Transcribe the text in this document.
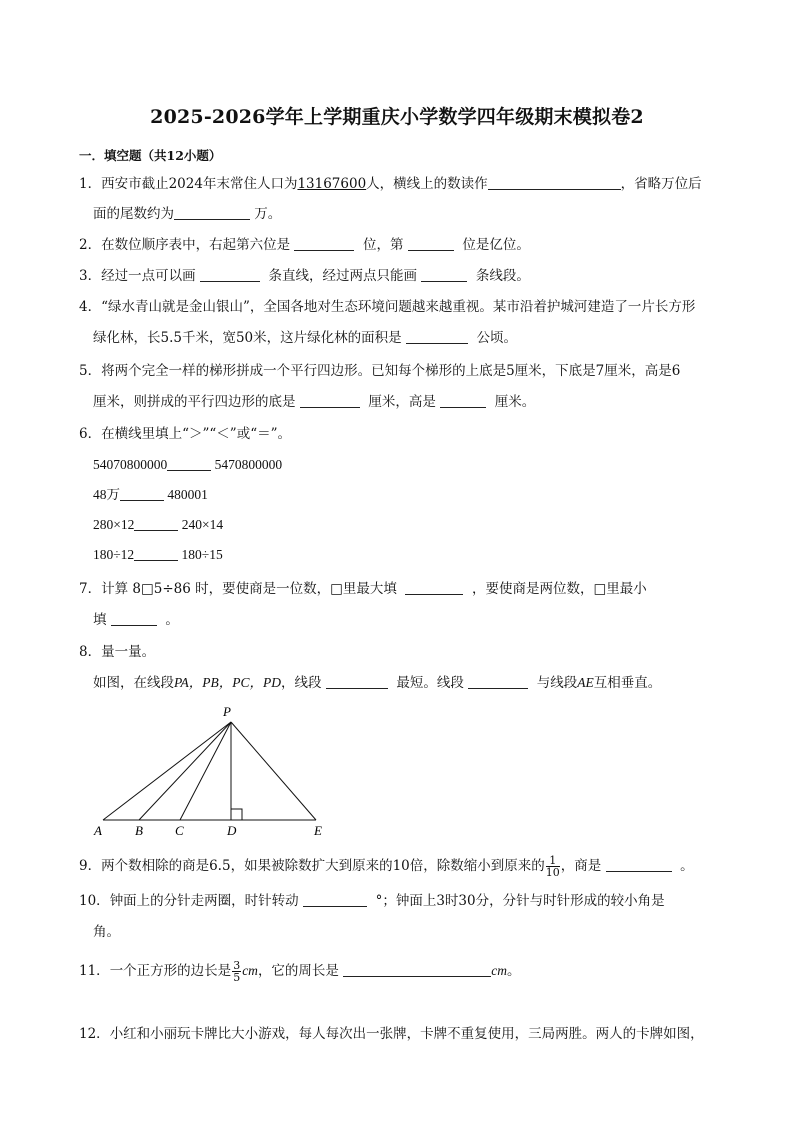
2025-2026学年上学期重庆小学数学四年级期末模拟卷2
一．填空题（共12小题）
1．西安市截止2024年末常住人口为13167600人，横线上的数读作	，省略万位后
面的尾数约为	万。
2．在数位顺序表中，右起第六位是	位，第	位是亿位。
3．经过一点可以画	条直线，经过两点只能画	条线段。
4．“绿水青山就是金山银山”，全国各地对生态环境问题越来越重视。某市沿着护城河建造了一片长方形
绿化林，长5.5千米，宽50米，这片绿化林的面积是	公顷。
5．将两个完全一样的梯形拼成一个平行四边形。已知每个梯形的上底是5厘米，下底是7厘米，高是6
厘米，则拼成的平行四边形的底是	厘米，高是	厘米。
6．在横线里填上“＞”“＜”或“＝”。
54070800000	5470800000
48万	480001
280×12	240×14
180÷12	180÷15
7．计算 8□5÷86 时，要使商是一位数，□里最大填	，要使商是两位数，□里最小
填	。
8．量一量。
如图，在线段PA，PB，PC，PD，线段	最短。线段	与线段AE互相垂直。
P
A	B C	D	E
9．两个数相除的商是6.5，如果被除数扩大到原来的10倍，除数缩小到原来的 $\frac{1}{10}$ ，商是	。
10．钟面上的分针走两圈，时针转动	°；钟面上3时30分，分针与时针形成的较小角是
角。
11．一个正方形的边长是 $\frac{3}{5}$ cm，它的周长是	cm。
12．小红和小丽玩卡牌比大小游戏，每人每次出一张牌，卡牌不重复使用，三局两胜。两人的卡牌如图，
